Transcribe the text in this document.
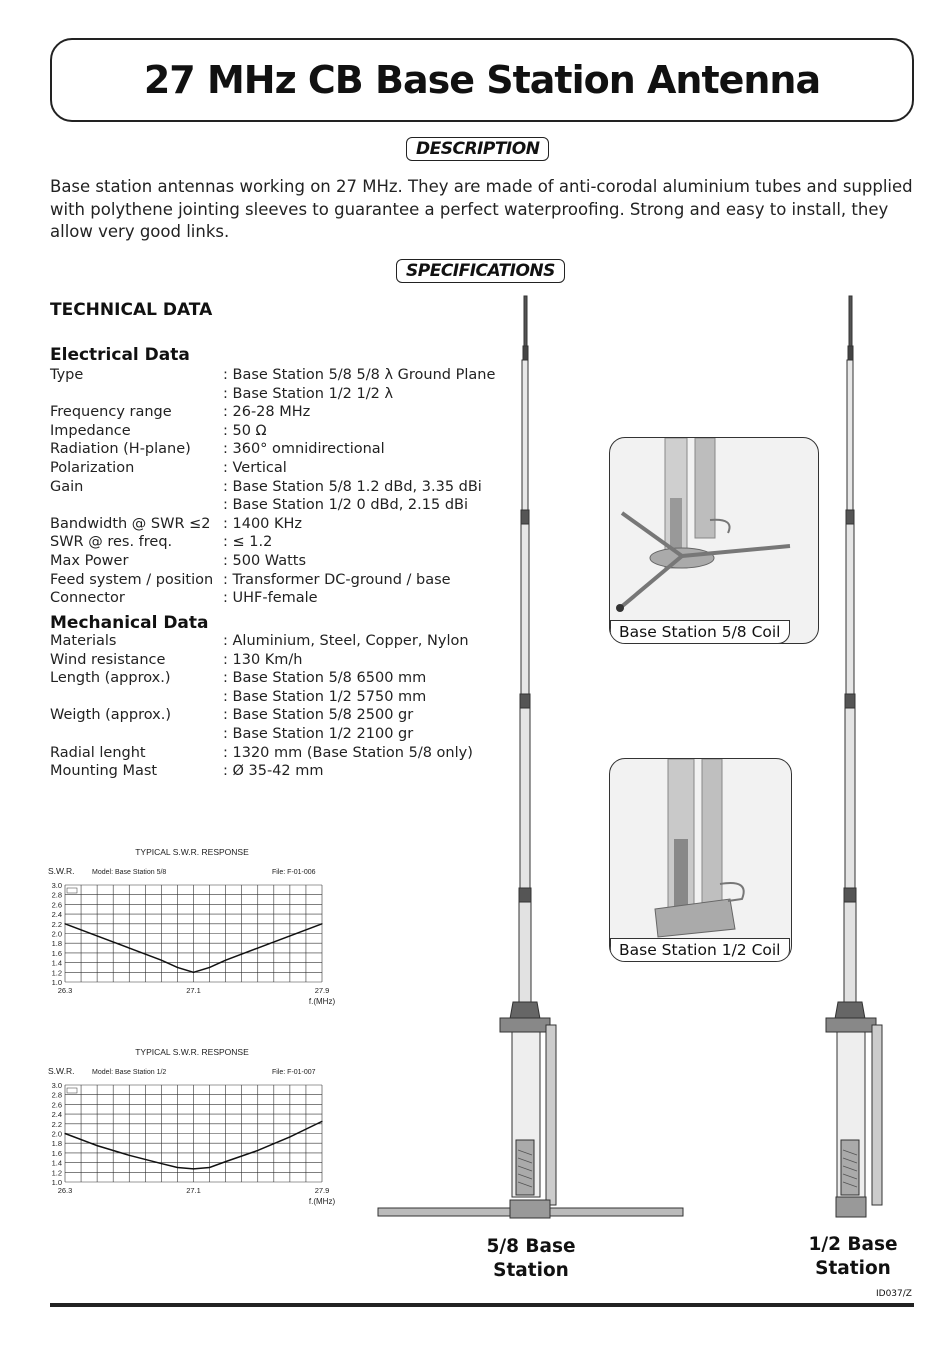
27 MHz CB Base Station Antenna
DESCRIPTION
Base station antennas working on 27 MHz. They are made of anti-corodal aluminium tubes and supplied with polythene jointing sleeves to guarantee a perfect waterproofing. Strong and easy to install, they allow very good links.
SPECIFICATIONS
TECHNICAL DATA
Electrical Data
Type	: Base Station 5/8 5/8 λ Ground Plane
: Base Station 1/2 1/2 λ
Frequency range	: 26-28 MHz
Impedance	: 50 Ω
Radiation (H-plane) : 360° omnidirectional
Polarization	: Vertical
Gain	: Base Station 5/8 1.2 dBd, 3.35 dBi
: Base Station 1/2 0 dBd, 2.15 dBi
Bandwidth @ SWR ≤2 : 1400 KHz
SWR @ res. freq.	: ≤ 1.2
Max Power	: 500 Watts
Feed system / position : Transformer DC-ground / base
Connector	: UHF-female
Mechanical Data
Materials	: Aluminium, Steel, Copper, Nylon
Wind resistance	: 130 Km/h
Length (approx.)	: Base Station 5/8 6500 mm
: Base Station 1/2 5750 mm
Weigth (approx.)	: Base Station 5/8 2500 gr
: Base Station 1/2 2100 gr
Radial lenght	: 1320 mm (Base Station 5/8 only)
Mounting Mast	: Ø 35-42 mm
TYPICAL S.W.R. RESPONSE
S.W.R.	Model: Base Station 5/8	File: F-01-006
3.0
2.8
2.6
2.4
2.2
2.0
1.8
1.6
1.4
1.2
1.0
26.3	27.1	27.9
f.(MHz)
TYPICAL S.W.R. RESPONSE
S.W.R.	Model: Base Station 1/2	File: F-01-007
3.0
2.8
2.6
2.4
2.2
2.0
1.8
1.6
1.4
1.2
1.0
26.3	27.1	27.9
f.(MHz)
Base Station 5/8 Coil
Base Station 1/2 Coil
5/8 Base
Station
1/2 Base
Station
ID037/Z
